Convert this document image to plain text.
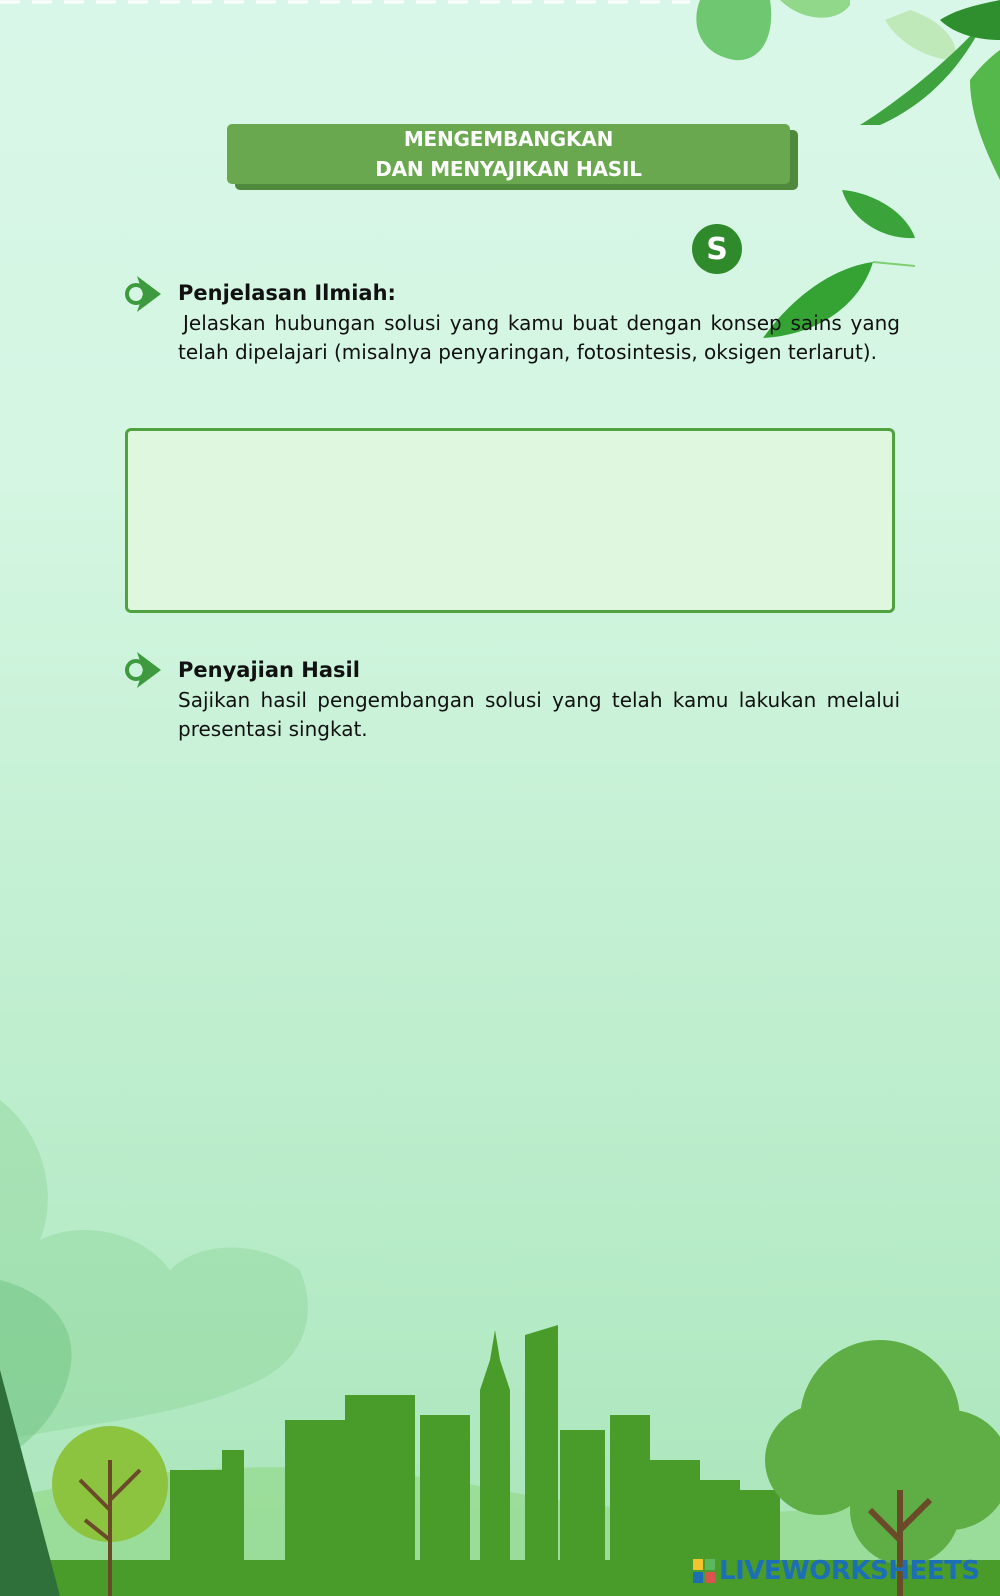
MENGEMBANGKAN
DAN MENYAJIKAN HASIL
S
Penjelasan Ilmiah:
Jelaskan hubungan solusi yang kamu buat dengan konsep sains yang telah dipelajari (misalnya penyaringan, fotosintesis, oksigen terlarut).
Penyajian Hasil
Sajikan hasil pengembangan solusi yang telah kamu lakukan melalui presentasi singkat.
LIVEWORKSHEETS
